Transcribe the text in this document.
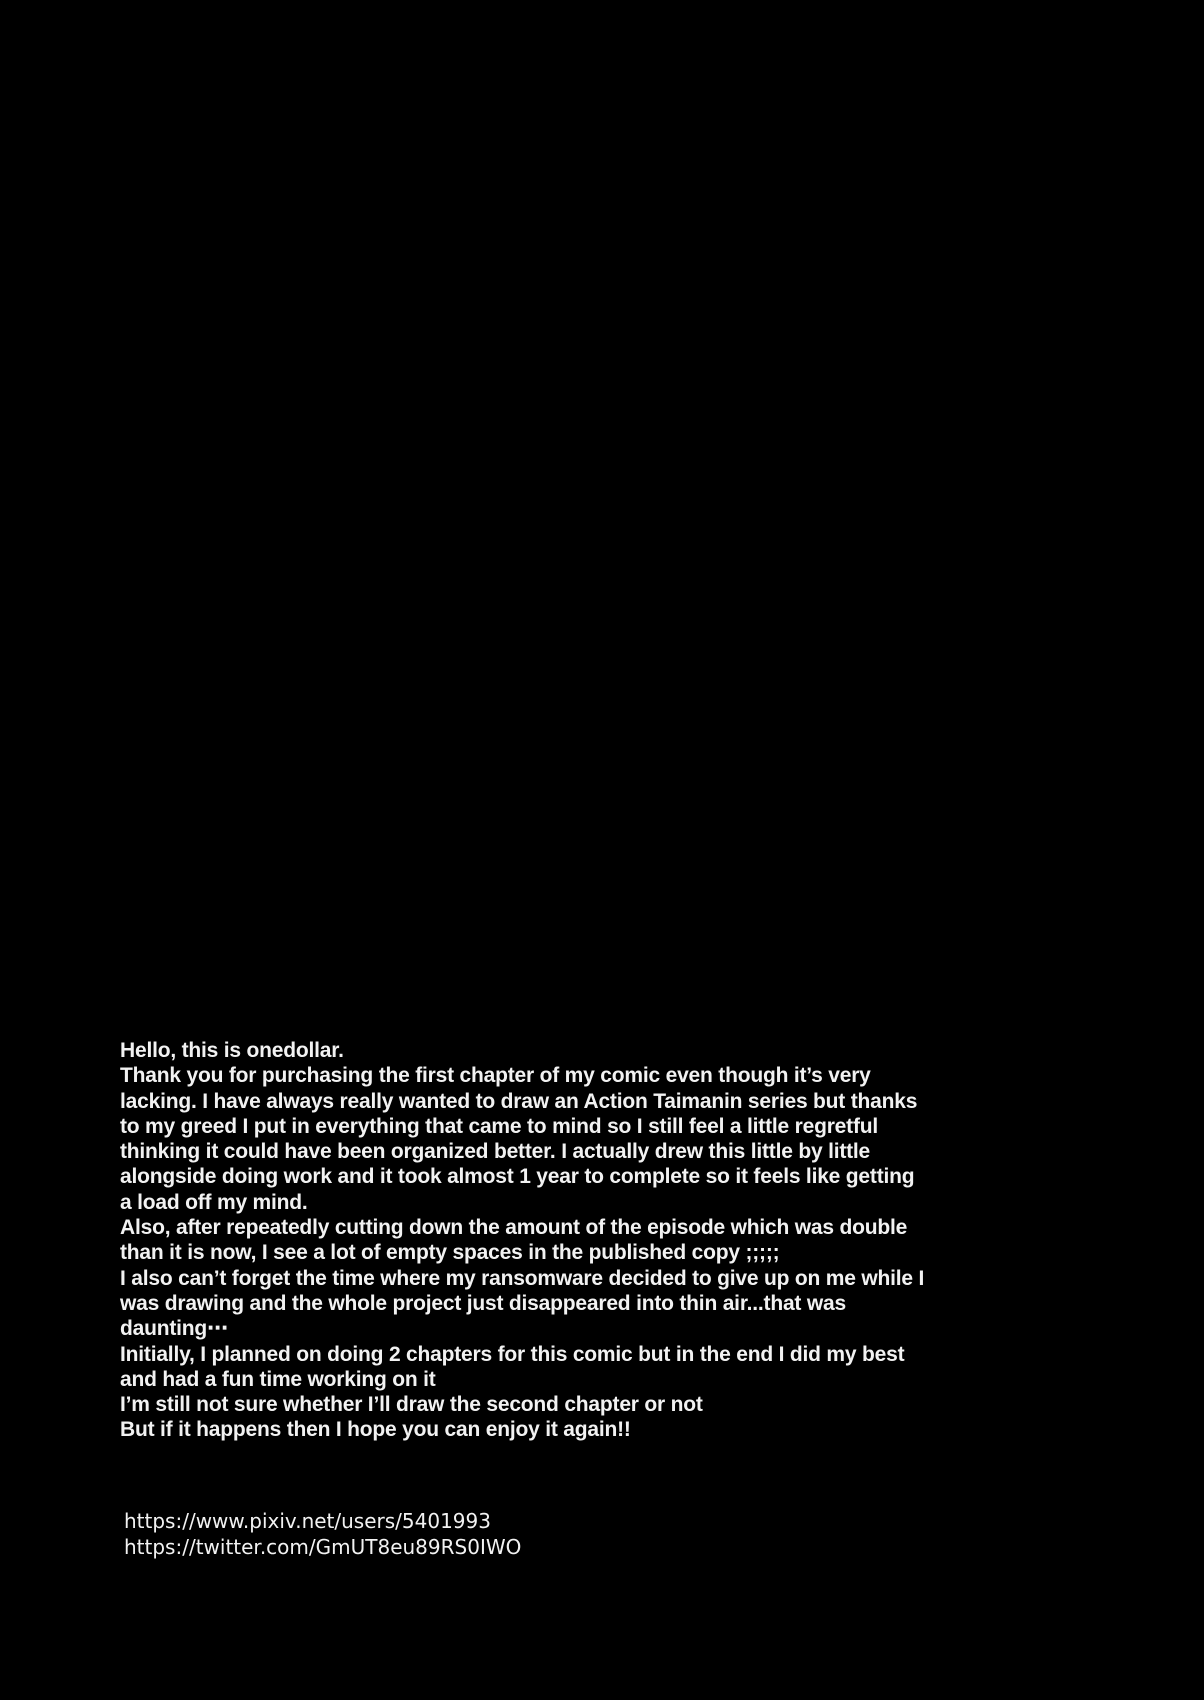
Hello, this is onedollar.
Thank you for purchasing the first chapter of my comic even though it’s very
lacking. I have always really wanted to draw an Action Taimanin series but thanks
to my greed I put in everything that came to mind so I still feel a little regretful
thinking it could have been organized better. I actually drew this little by little
alongside doing work and it took almost 1 year to complete so it feels like getting
a load off my mind.
Also, after repeatedly cutting down the amount of the episode which was double
than it is now, I see a lot of empty spaces in the published copy ;;;;;
I also can’t forget the time where my ransomware decided to give up on me while I
was drawing and the whole project just disappeared into thin air...that was
daunting⋯
Initially, I planned on doing 2 chapters for this comic but in the end I did my best
and had a fun time working on it
I’m still not sure whether I’ll draw the second chapter or not
But if it happens then I hope you can enjoy it again!!
https://www.pixiv.net/users/5401993
https://twitter.com/GmUT8eu89RS0IWO
